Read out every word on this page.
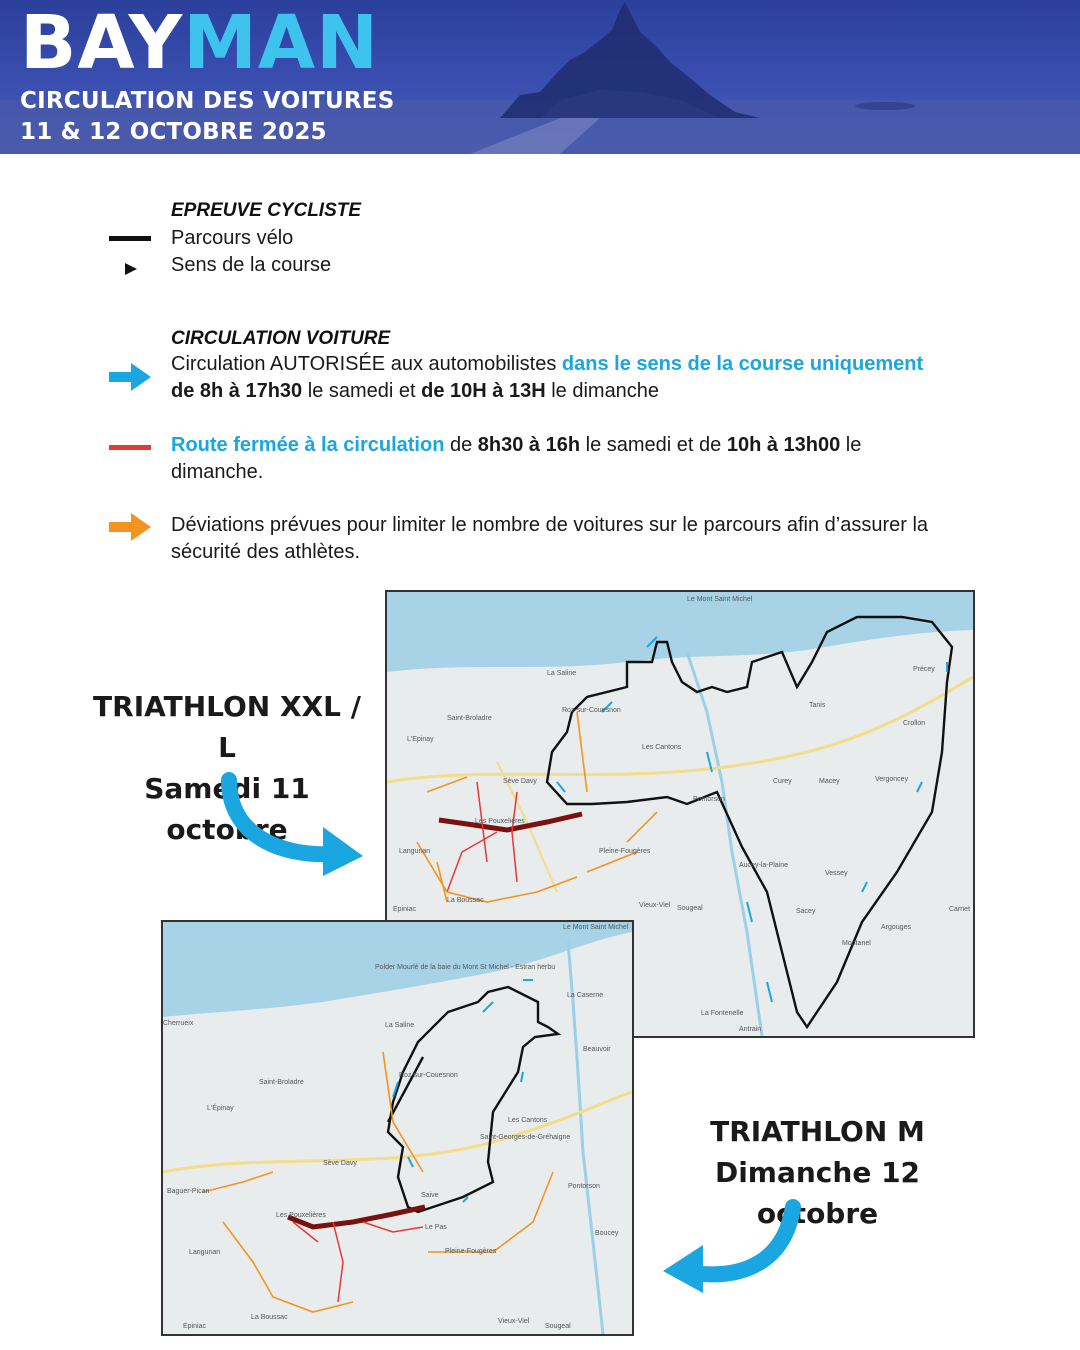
BAYMAN
CIRCULATION DES VOITURES
11 & 12 OCTOBRE 2025
EPREUVE CYCLISTE
Parcours vélo
Sens de la course
CIRCULATION VOITURE
Circulation AUTORISÉE aux automobilistes dans le sens de la course uniquement de 8h à 17h30 le samedi et de 10H à 13H le dimanche
Route fermée à la circulation de 8h30 à 16h le samedi et de 10h à 13h00 le dimanche.
Déviations prévues pour limiter le nombre de voitures sur le parcours afin d’assurer la sécurité des athlètes.
TRIATHLON XXL / L
Samedi 11 octobre
TRIATHLON M
Dimanche 12 octobre
Le Mont Saint Michel
La Saline
Saint-Broladre
L'Epinay
Roz-sur-Couesnon
Les Cantons
Sève Davy
Les Pouxelières
Pleine-Fougères
Langunan
La Boussac
Epiniac
Vieux-Viel Sougeal
Pontorson
Aucey-la-Plaine
Macey
Curey	Vergoncey
Vessey
Sacey
Argouges
Montanel
Carnet
La Fontenelle
Antrain
Tanis
Crollon
Précey
Le Mont Saint Michel
Polder Mourlé de la baie du Mont St Michel - Estran herbu
La Caserne
Beauvoir
La Saline
Saint-Broladre
L'Épinay
Roz-sur-Couesnon
Les Cantons
Saint-Georges-de-Gréhaigne
Sève Davy
Baguer-Pican
Les Pouxelières
Le Pas
Pleine-Fougères
Langunan
La Boussac
Epiniac
Vieux-Viel
Sougeal
Pontorson
Boucey
Saive
Cherrueix
